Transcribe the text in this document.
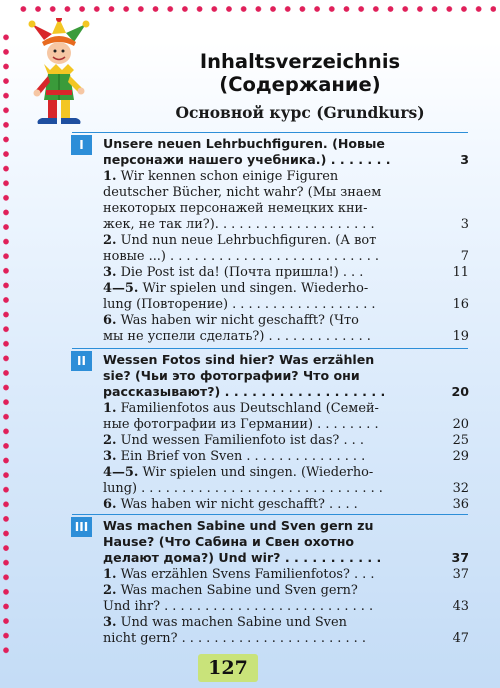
Inhaltsverzeichnis
(Содержание)
Основной курс (Grundkurs)
I	Unsere neuen Lehrbuchfiguren. (Новые
персонажи нашего учебника.) . . . . . . .	3
1. Wir kennen schon einige Figuren
deutscher Bücher, nicht wahr? (Мы знаем
некоторых персонажей немецких кни-
жек, не так ли?). . . . . . . . . . . . . . . . . . . .	3
2. Und nun neue Lehrbuchfiguren. (А вот
новые ...) . . . . . . . . . . . . . . . . . . . . . . . . . .	7
3. Die Post ist da! (Почта пришла!) . . .	11
4—5. Wir spielen und singen. Wiederho-
lung (Повторение) . . . . . . . . . . . . . . . . . .	16
6. Was haben wir nicht geschafft? (Что
мы не успели сделать?) . . . . . . . . . . . . .	19
II	Wessen Fotos sind hier? Was erzählen
sie? (Чьи это фотографии? Что они
рассказывают?) . . . . . . . . . . . . . . . . . .	20
1. Familienfotos aus Deutschland (Семей-
ные фотографии из Германии) . . . . . . . .	20
2. Und wessen Familienfoto ist das? . . .	25
3. Ein Brief von Sven . . . . . . . . . . . . . . .	29
4—5. Wir spielen und singen. (Wiederho-
lung) . . . . . . . . . . . . . . . . . . . . . . . . . . . . . .	32
6. Was haben wir nicht geschafft? . . . .	36
III	Was machen Sabine und Sven gern zu
Hause? (Что Сабина и Свен охотно
делают дома?) Und wir? . . . . . . . . . . .	37
1. Was erzählen Svens Familienfotos? . . .	37
2. Was machen Sabine und Sven gern?
Und ihr? . . . . . . . . . . . . . . . . . . . . . . . . . .	43
3. Und was machen Sabine und Sven
nicht gern? . . . . . . . . . . . . . . . . . . . . . . .	47
127
